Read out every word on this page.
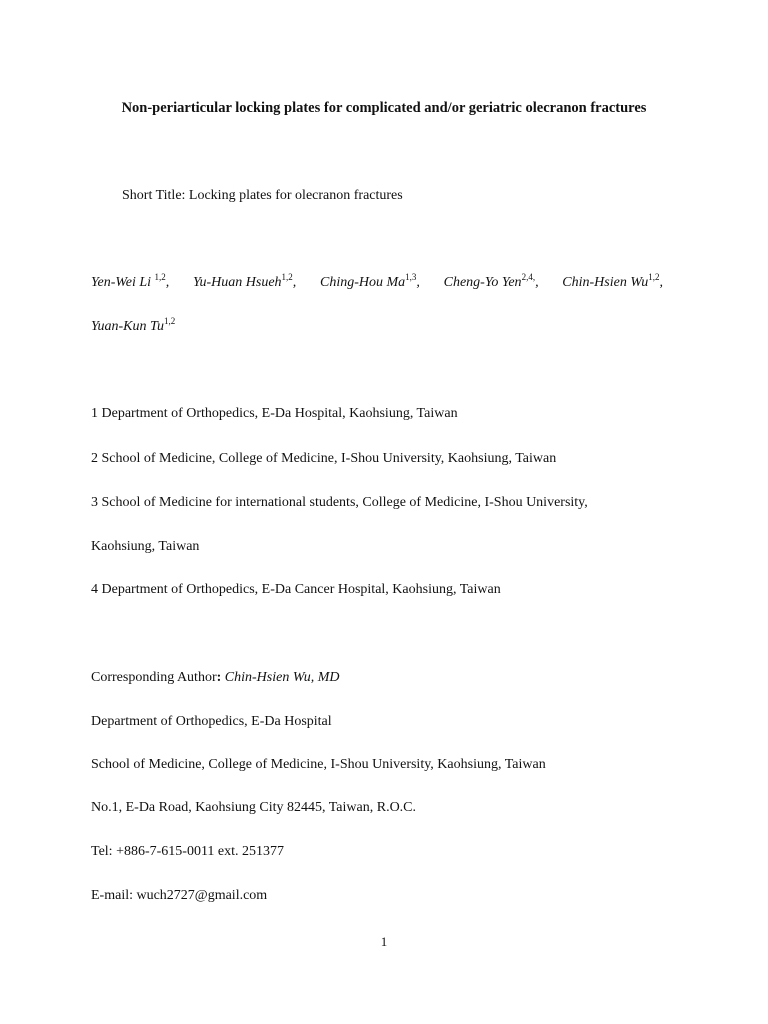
Non-periarticular locking plates for complicated and/or geriatric olecranon fractures
Short Title: Locking plates for olecranon fractures
Yen-Wei Li $^{1,2}$, Yu-Huan Hsueh$^{1,2}$, Ching-Hou Ma$^{1,3}$, Cheng-Yo Yen$^{2,4,}$, Chin-Hsien Wu$^{1,2}$,
Yuan-Kun Tu$^{1,2}$
1 Department of Orthopedics, E-Da Hospital, Kaohsiung, Taiwan
2 School of Medicine, College of Medicine, I-Shou University, Kaohsiung, Taiwan
3 School of Medicine for international students, College of Medicine, I-Shou University,
Kaohsiung, Taiwan
4 Department of Orthopedics, E-Da Cancer Hospital, Kaohsiung, Taiwan
Corresponding Author: Chin-Hsien Wu, MD
Department of Orthopedics, E-Da Hospital
School of Medicine, College of Medicine, I-Shou University, Kaohsiung, Taiwan
No.1, E-Da Road, Kaohsiung City 82445, Taiwan, R.O.C.
Tel: +886-7-615-0011 ext. 251377
E-mail: wuch2727@gmail.com
1
